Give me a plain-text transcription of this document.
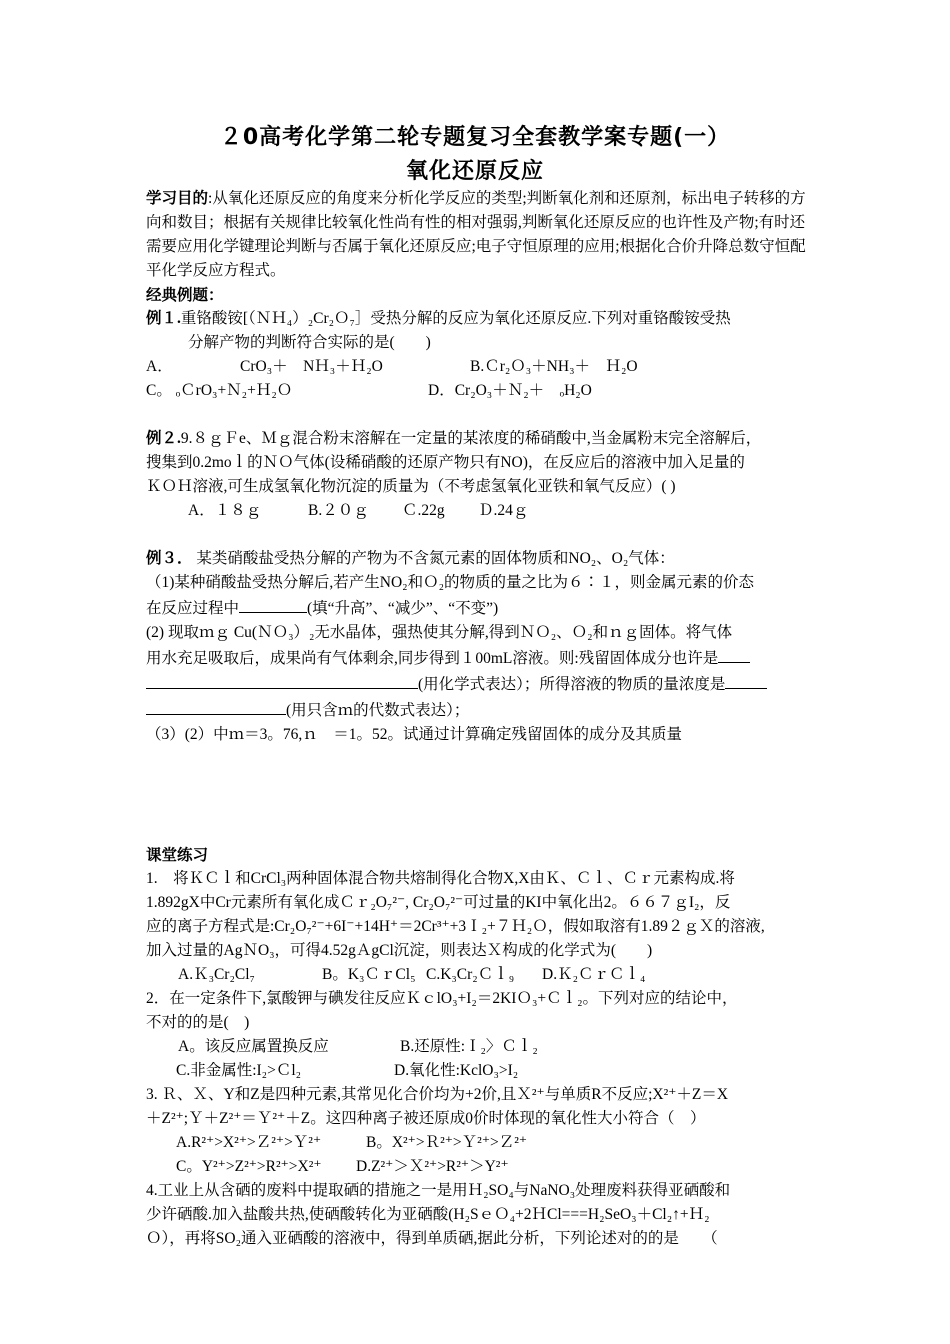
２0高考化学第二轮专题复习全套教学案专题(一）
氧化还原反应

学习目的:从氧化还原反应的角度来分析化学反应的类型;判断氧化剂和还原剂，标出电子转移的方向和数目；根据有关规律比较氧化性尚有性的相对强弱,判断氧化还原反应的也许性及产物;有时还需要应用化学键理论判断与否属于氧化还原反应;电子守恒原理的应用;根据化合价升降总数守恒配平化学反应方程式。

经典例题：

例１.重铬酸铵[（ＮＨ₄）₂Cr₂Ｏ₇］受热分解的反应为氧化还原反应.下列对重铬酸铵受热

分解产物的判断符合实际的是(　　)

A．	CrO₃＋　NＨ₃＋Ｈ₂O	B.Ｃr₂Ｏ₃＋NH₃＋　Ｈ₂O
C。 ₒＣrO₃+Ｎ₂+Ｈ₂Ｏ	D．Cr₂O₃＋Ｎ₂＋　ₒH₂O

例２.9.８ｇＦe、Ｍｇ混合粉末溶解在一定量的某浓度的稀硝酸中,当金属粉末完全溶解后，

搜集到0.2moｌ的ＮＯ气体(设稀硝酸的还原产物只有NO)，在反应后的溶液中加入足量的

ＫＯＨ溶液,可生成氢氧化物沉淀的质量为（不考虑氢氧化亚铁和氧气反应）( )

A．１８ｇ	B.２０ｇ	Ｃ.22g	Ｄ.24ｇ

例３． 某类硝酸盐受热分解的产物为不含氮元素的固体物质和NO₂、O₂气体：

（1)某种硝酸盐受热分解后,若产生NO₂和Ｏ₂的物质的量之比为６∶１，则金属元素的价态

在反应过程中	(填“升高”、“减少”、“不变”)

(2) 现取ｍｇ Cu(ＮＯ₃）₂无水晶体，强热使其分解,得到ＮＯ₂、Ｏ₂和ｎｇ固体。将气体

用水充足吸取后，成果尚有气体剩余,同步得到１00mL溶液。则:残留固体成分也许是

(用化学式表达）；所得溶液的物质的量浓度是

(用只含ｍ的代数式表达）；

（3）(2）中ｍ＝3。76,ｎ　＝1。52。试通过计算确定残留固体的成分及其质量

课堂练习

1.　将ＫＣｌ和CrCl₃两种固体混合物共熔制得化合物X,X由Ｋ、Ｃｌ、Ｃｒ元素构成.将

1.892gX中Cr元素所有氧化成Ｃｒ₂O₇²⁻, Cr₂O₇²⁻可过量的KI中氧化出2。６６７ｇI₂，反

应的离子方程式是:Cr₂O₇²⁻+6I⁻+14H⁺＝2Cr³⁺+3Ｉ₂+７Ｈ₂Ｏ，假如取溶有1.89２ｇＸ的溶液,

加入过量的AgＮO₃，可得4.52gＡgCl沉淀，则表达Ｘ构成的化学式为(　　)

A.Ｋ₃Cr₂Cl₇	B。K₃ＣｒCl₅ C.K₃Cr₂Ｃｌ₉	D.Ｋ₂ＣｒＣｌ₄

2．在一定条件下,氯酸钾与碘发往反应ＫｃlO₃+I₂＝2KIＯ₃+Ｃｌ₂。下列对应的结论中，

不对的的是(　)

A。该反应属置换反应	B.还原性:Ｉ₂〉Ｃｌ₂
C.非金属性:I₂>Ｃl₂	D.氧化性:KclO₃>I₂

3. Ｒ、Ｘ、Y和Z是四种元素,其常见化合价均为+2价,且Ｘ²⁺与单质R不反应;X²⁺＋Z＝X

＋Z²⁺;Ｙ＋Z²⁺＝Ｙ²⁺＋Z。这四种离子被还原成0价时体现的氧化性大小符合（　）

A.R²⁺>X²⁺>Ｚ²⁺>Ｙ²⁺	B。X²⁺>Ｒ²⁺>Ｙ²⁺>Ｚ²⁺
C。Y²⁺>Z²⁺>R²⁺>X²⁺	D.Z²⁺＞Ｘ²⁺>R²⁺＞Y²⁺

4.工业上从含硒的废料中提取硒的措施之一是用Ｈ₂SO₄与NaNO₃处理废料获得亚硒酸和

少许硒酸.加入盐酸共热,使硒酸转化为亚硒酸(H₂SｅＯ₄+2ＨCl===H₂SeO₃＋Cl₂↑+Ｈ₂

Ｏ），再将SO₂通入亚硒酸的溶液中，得到单质硒,据此分析，下列论述对的的是　　（
